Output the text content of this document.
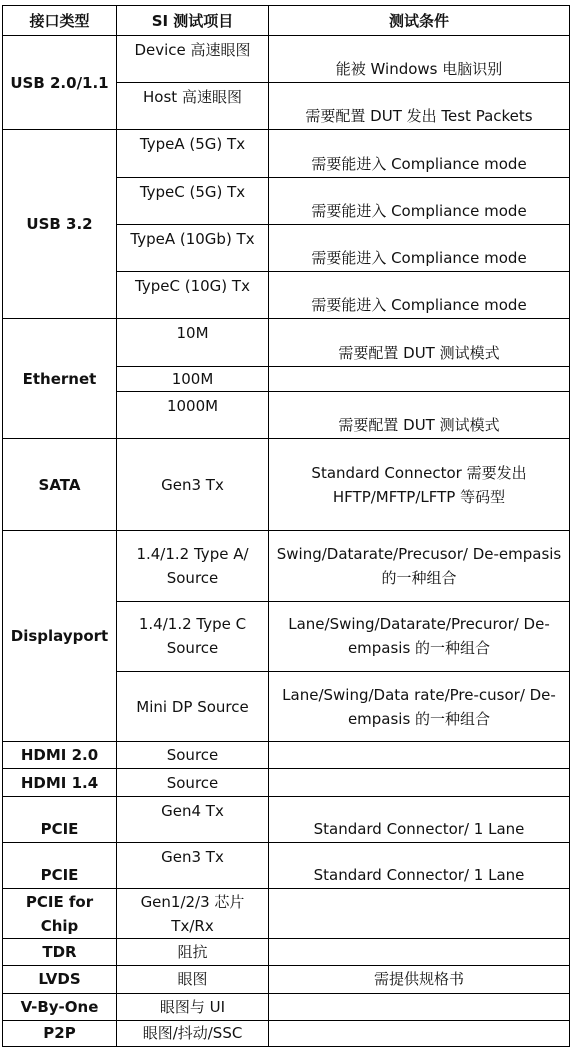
接口类型	SI 测试项目	测试条件
USB 2.0/1.1	Device 高速眼图	能被 Windows 电脑识别
	Host 高速眼图	需要配置 DUT 发出 Test Packets
USB 3.2	TypeA (5G) Tx	需要能进入 Compliance mode
	TypeC (5G) Tx	需要能进入 Compliance mode
	TypeA (10Gb) Tx	需要能进入 Compliance mode
	TypeC (10G) Tx	需要能进入 Compliance mode
Ethernet	10M	需要配置 DUT 测试模式
	100M	
	1000M	需要配置 DUT 测试模式
SATA	Gen3 Tx	Standard Connector 需要发出 HFTP/MFTP/LFTP 等码型
Displayport	1.4/1.2 Type A/ Source	Swing/Datarate/Precusor/ De-empasis 的一种组合
	1.4/1.2 Type C Source	Lane/Swing/Datarate/Precuror/ De-empasis 的一种组合
	Mini DP Source	Lane/Swing/Data rate/Pre-cusor/ De-empasis 的一种组合
HDMI 2.0	Source	
HDMI 1.4	Source	
PCIE	Gen4 Tx	Standard Connector/ 1 Lane
PCIE	Gen3 Tx	Standard Connector/ 1 Lane
PCIE for Chip	Gen1/2/3 芯片 Tx/Rx	
TDR	阻抗	
LVDS	眼图	需提供规格书
V-By-One	眼图与 UI	
P2P	眼图/抖动/SSC	
